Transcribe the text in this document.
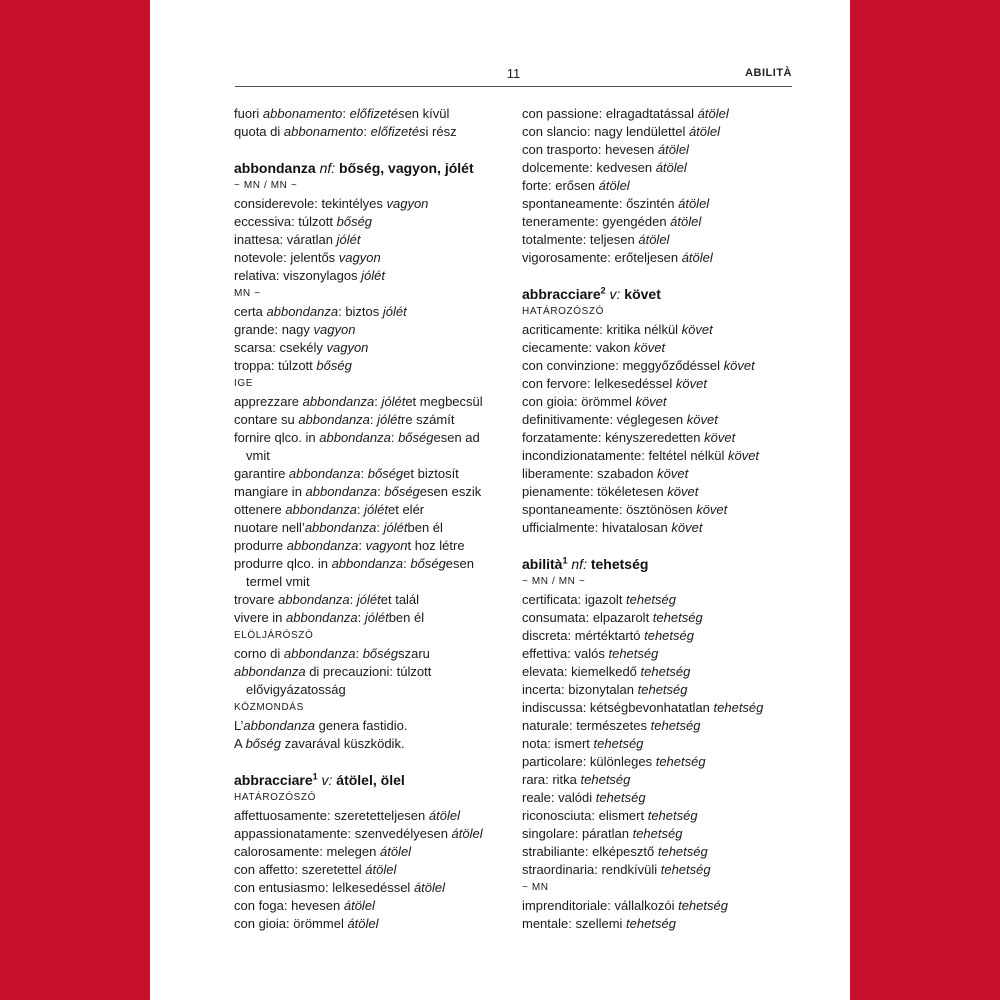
11	ABILITÀ
fuori abbonamento: előfizetésen kívül
quota di abbonamento: előfizetési rész
abbondanza nf: bőség, vagyon, jólét
~ MN / MN ~
considerevole: tekintélyes vagyon
eccessiva: túlzott bőség
inattesa: váratlan jólét
notevole: jelentős vagyon
relativa: viszonylagos jólét
MN ~
certa abbondanza: biztos jólét
grande: nagy vagyon
scarsa: csekély vagyon
troppa: túlzott bőség
IGE
apprezzare abbondanza: jólétet megbecsül
contare su abbondanza: jólétre számít
fornire qlco. in abbondanza: bőségesen ad
vmit
garantire abbondanza: bőséget biztosít
mangiare in abbondanza: bőségesen eszik
ottenere abbondanza: jólétet elér
nuotare nell’abbondanza: jólétben él
produrre abbondanza: vagyont hoz létre
produrre qlco. in abbondanza: bőségesen
termel vmit
trovare abbondanza: jólétet talál
vivere in abbondanza: jólétben él
ELÖLJÁRÓSZÓ
corno di abbondanza: bőségszaru
abbondanza di precauzioni: túlzott
elővigyázatosság
KÖZMONDÁS
L’abbondanza genera fastidio.
A bőség zavarával küszködik.
abbracciare$^1$ v: átölel, ölel
HATÁROZÓSZÓ
affettuosamente: szeretetteljesen átölel
appassionatamente: szenvedélyesen átölel
calorosamente: melegen átölel
con affetto: szeretettel átölel
con entusiasmo: lelkesedéssel átölel
con foga: hevesen átölel
con gioia: örömmel átölel
con passione: elragadtatással átölel
con slancio: nagy lendülettel átölel
con trasporto: hevesen átölel
dolcemente: kedvesen átölel
forte: erősen átölel
spontaneamente: őszintén átölel
teneramente: gyengéden átölel
totalmente: teljesen átölel
vigorosamente: erőteljesen átölel
abbracciare$^2$ v: követ
HATÁROZÓSZÓ
acriticamente: kritika nélkül követ
ciecamente: vakon követ
con convinzione: meggyőződéssel követ
con fervore: lelkesedéssel követ
con gioia: örömmel követ
definitivamente: véglegesen követ
forzatamente: kényszeredetten követ
incondizionatamente: feltétel nélkül követ
liberamente: szabadon követ
pienamente: tökéletesen követ
spontaneamente: ösztönösen követ
ufficialmente: hivatalosan követ
abilità$^1$ nf: tehetség
~ MN / MN ~
certificata: igazolt tehetség
consumata: elpazarolt tehetség
discreta: mértéktartó tehetség
effettiva: valós tehetség
elevata: kiemelkedő tehetség
incerta: bizonytalan tehetség
indiscussa: kétségbevonhatatlan tehetség
naturale: természetes tehetség
nota: ismert tehetség
particolare: különleges tehetség
rara: ritka tehetség
reale: valódi tehetség
riconosciuta: elismert tehetség
singolare: páratlan tehetség
strabiliante: elképesztő tehetség
straordinaria: rendkívüli tehetség
~ MN
imprenditoriale: vállalkozói tehetség
mentale: szellemi tehetség
